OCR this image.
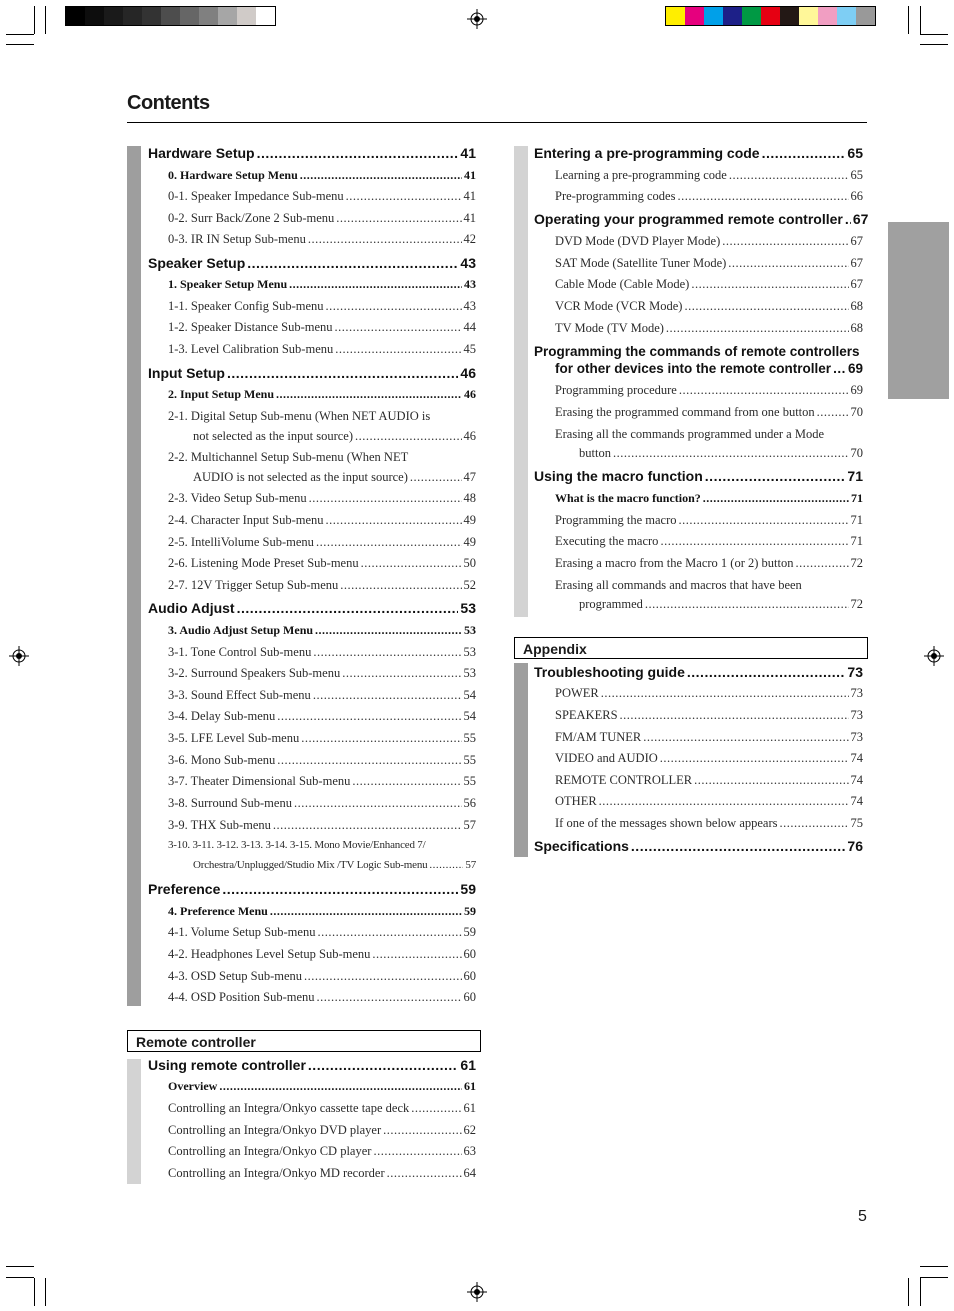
Contents
Hardware Setup .....	41
0. Hardware Setup Menu .....	41
0-1. Speaker Impedance Sub-menu .....	41
0-2. Surr Back/Zone 2 Sub-menu .....	41
0-3. IR IN Setup Sub-menu .....	42
Speaker Setup .....	43
1. Speaker Setup Menu .....	43
1-1. Speaker Config Sub-menu .....	43
1-2. Speaker Distance Sub-menu .....	44
1-3. Level Calibration Sub-menu .....	45
Input Setup .....	46
2. Input Setup Menu .....	46
2-1. Digital Setup Sub-menu (When NET AUDIO is
not selected as the input source) .....	46
2-2. Multichannel Setup Sub-menu (When NET
AUDIO is not selected as the input source) .....	47
2-3. Video Setup Sub-menu .....	48
2-4. Character Input Sub-menu .....	49
2-5. IntelliVolume Sub-menu .....	49
2-6. Listening Mode Preset Sub-menu .....	50
2-7. 12V Trigger Setup Sub-menu .....	52
Audio Adjust .....	53
3. Audio Adjust Setup Menu .....	53
3-1. Tone Control Sub-menu .....	53
3-2. Surround Speakers Sub-menu .....	53
3-3. Sound Effect Sub-menu .....	54
3-4. Delay Sub-menu .....	54
3-5. LFE Level Sub-menu .....	55
3-6. Mono Sub-menu .....	55
3-7. Theater Dimensional Sub-menu .....	55
3-8. Surround Sub-menu .....	56
3-9. THX Sub-menu .....	57
3-10. 3-11. 3-12. 3-13. 3-14. 3-15. Mono Movie/Enhanced 7/
Orchestra/Unplugged/Studio Mix /TV Logic Sub-menu .....	57
Preference .....	59
4. Preference Menu .....	59
4-1. Volume Setup Sub-menu .....	59
4-2. Headphones Level Setup Sub-menu .....	60
4-3. OSD Setup Sub-menu .....	60
4-4. OSD Position Sub-menu .....	60
Remote controller
Using remote controller .....	61
Overview .....	61
Controlling an Integra/Onkyo cassette tape deck .....	61
Controlling an Integra/Onkyo DVD player .....	62
Controlling an Integra/Onkyo CD player .....	63
Controlling an Integra/Onkyo MD recorder .....	64
Entering a pre-programming code .....	65
Learning a pre-programming code .....	65
Pre-programming codes .....	66
Operating your programmed remote controller ..... 67
DVD Mode (DVD Player Mode) .....	67
SAT Mode (Satellite Tuner Mode) .....	67
Cable Mode (Cable Mode) .....	67
VCR Mode (VCR Mode) .....	68
TV Mode (TV Mode) .....	68
Programming the commands of remote controllers
for other devices into the remote controller ..... 69
Programming procedure .....	69
Erasing the programmed command from one button .....	70
Erasing all the commands programmed under a Mode
button .....	70
Using the macro function .....	71
What is the macro function? .....	71
Programming the macro .....	71
Executing the macro .....	71
Erasing a macro from the Macro 1 (or 2) button .....	72
Erasing all commands and macros that have been
programmed .....	72
Appendix
Troubleshooting guide .....	73
POWER .....	73
SPEAKERS .....	73
FM/AM TUNER .....	73
VIDEO and AUDIO .....	74
REMOTE CONTROLLER .....	74
OTHER .....	74
If one of the messages shown below appears .....	75
Specifications .....	76
5
